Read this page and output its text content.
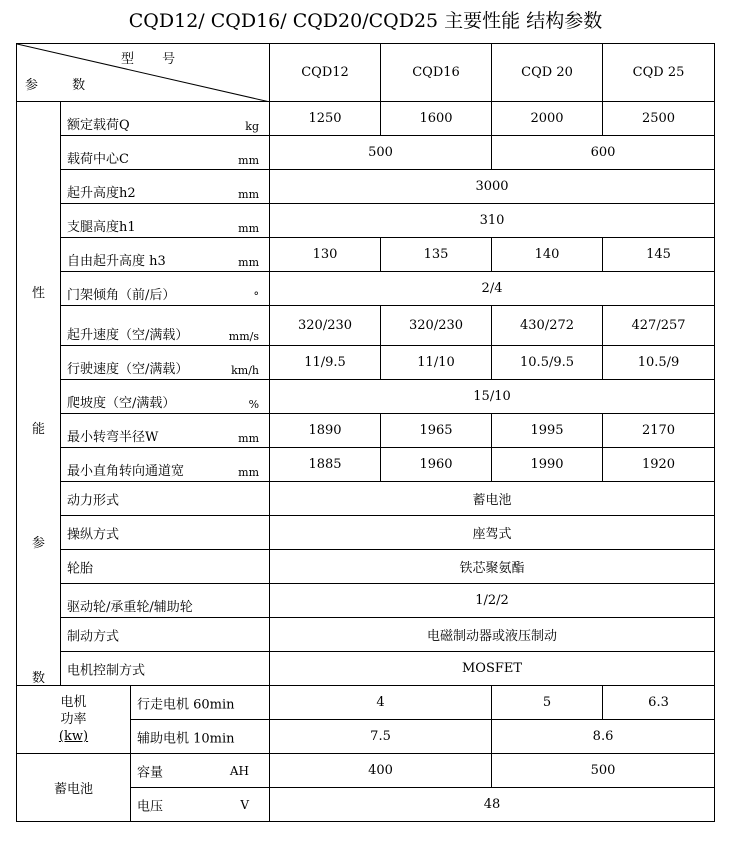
CQD12/ CQD16/ CQD20/CQD25 主要性能 结构参数
型 号
参 数			CQD12	CQD16	CQD 20	CQD 25

性
能
参
数	额定载荷Q kg		1250	1600	2000	2500

	载荷中心C mm		500		600	

	起升高度h2 mm		3000			

	支腿高度h1 mm		310			

	自由起升高度 h3 mm		130	135	140	145

	门架倾角（前/后） °		2/4			

	起升速度（空/满载） mm/s		320/230	320/230	430/272	427/257

	行驶速度（空/满载） km/h		11/9.5	11/10	10.5/9.5	10.5/9

	爬坡度（空/满载） %		15/10			

	最小转弯半径W mm		1890	1965	1995	2170

	最小直角转向通道宽 mm		1885	1960	1990	1920

	动力形式		蓄电池			

	操纵方式		座驾式			

	轮胎		铁芯聚氨酯			

	驱动轮/承重轮/辅助轮		1/2/2			

	制动方式		电磁制动器或液压制动			

	电机控制方式		MOSFET			

电机
功率
(kw)		行走电机 60min	4		5	6.3

		辅助电机 10min	7.5		8.6	
蓄电池		容量 AH	400		500	

		电压 V	48			
